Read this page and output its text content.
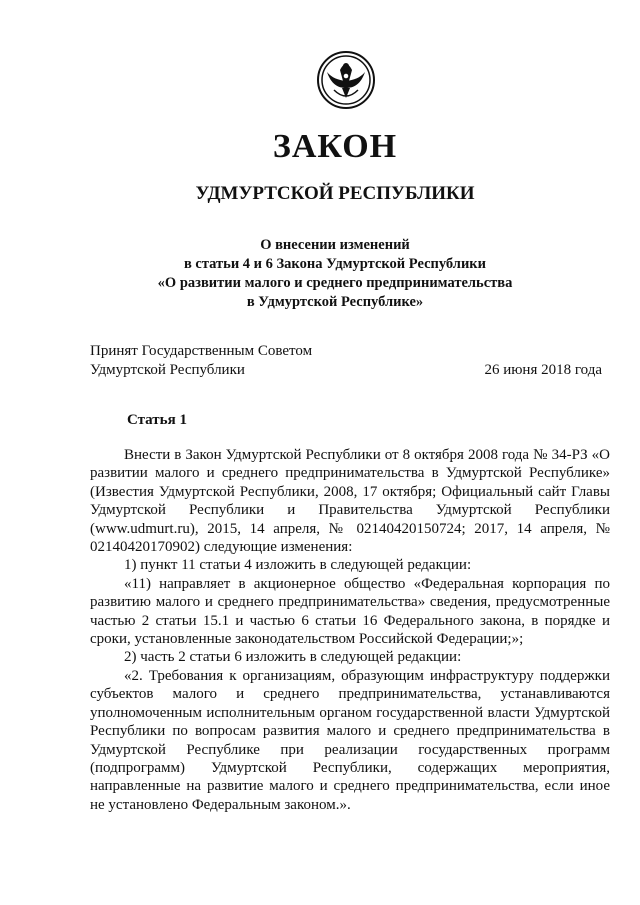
ЗАКОН
УДМУРТСКОЙ РЕСПУБЛИКИ
О внесении изменений
в статьи 4 и 6 Закона Удмуртской Республики
«О развитии малого и среднего предпринимательства
в Удмуртской Республике»
Принят Государственным Советом
Удмуртской Республики	26 июня 2018 года
Статья 1

Внести в Закон Удмуртской Республики от 8 октября 2008 года № 34-РЗ «О развитии малого и среднего предпринимательства в Удмуртской Республике» (Известия Удмуртской Республики, 2008, 17 октября; Официальный сайт Главы Удмуртской Республики и Правительства Удмуртской Республики (www.udmurt.ru), 2015, 14 апреля, № 02140420150724; 2017, 14 апреля, № 02140420170902) следующие изменения:

1) пункт 11 статьи 4 изложить в следующей редакции:

«11) направляет в акционерное общество «Федеральная корпорация по развитию малого и среднего предпринимательства» сведения, предусмотренные частью 2 статьи 15.1 и частью 6 статьи 16 Федерального закона, в порядке и сроки, установленные законодательством Российской Федерации;»;

2) часть 2 статьи 6 изложить в следующей редакции:

«2. Требования к организациям, образующим инфраструктуру поддержки субъектов малого и среднего предпринимательства, устанавливаются уполномоченным исполнительным органом государственной власти Удмуртской Республики по вопросам развития малого и среднего предпринимательства в Удмуртской Республике при реализации государственных программ (подпрограмм) Удмуртской Республики, содержащих мероприятия, направленные на развитие малого и среднего предпринимательства, если иное не установлено Федеральным законом.».
